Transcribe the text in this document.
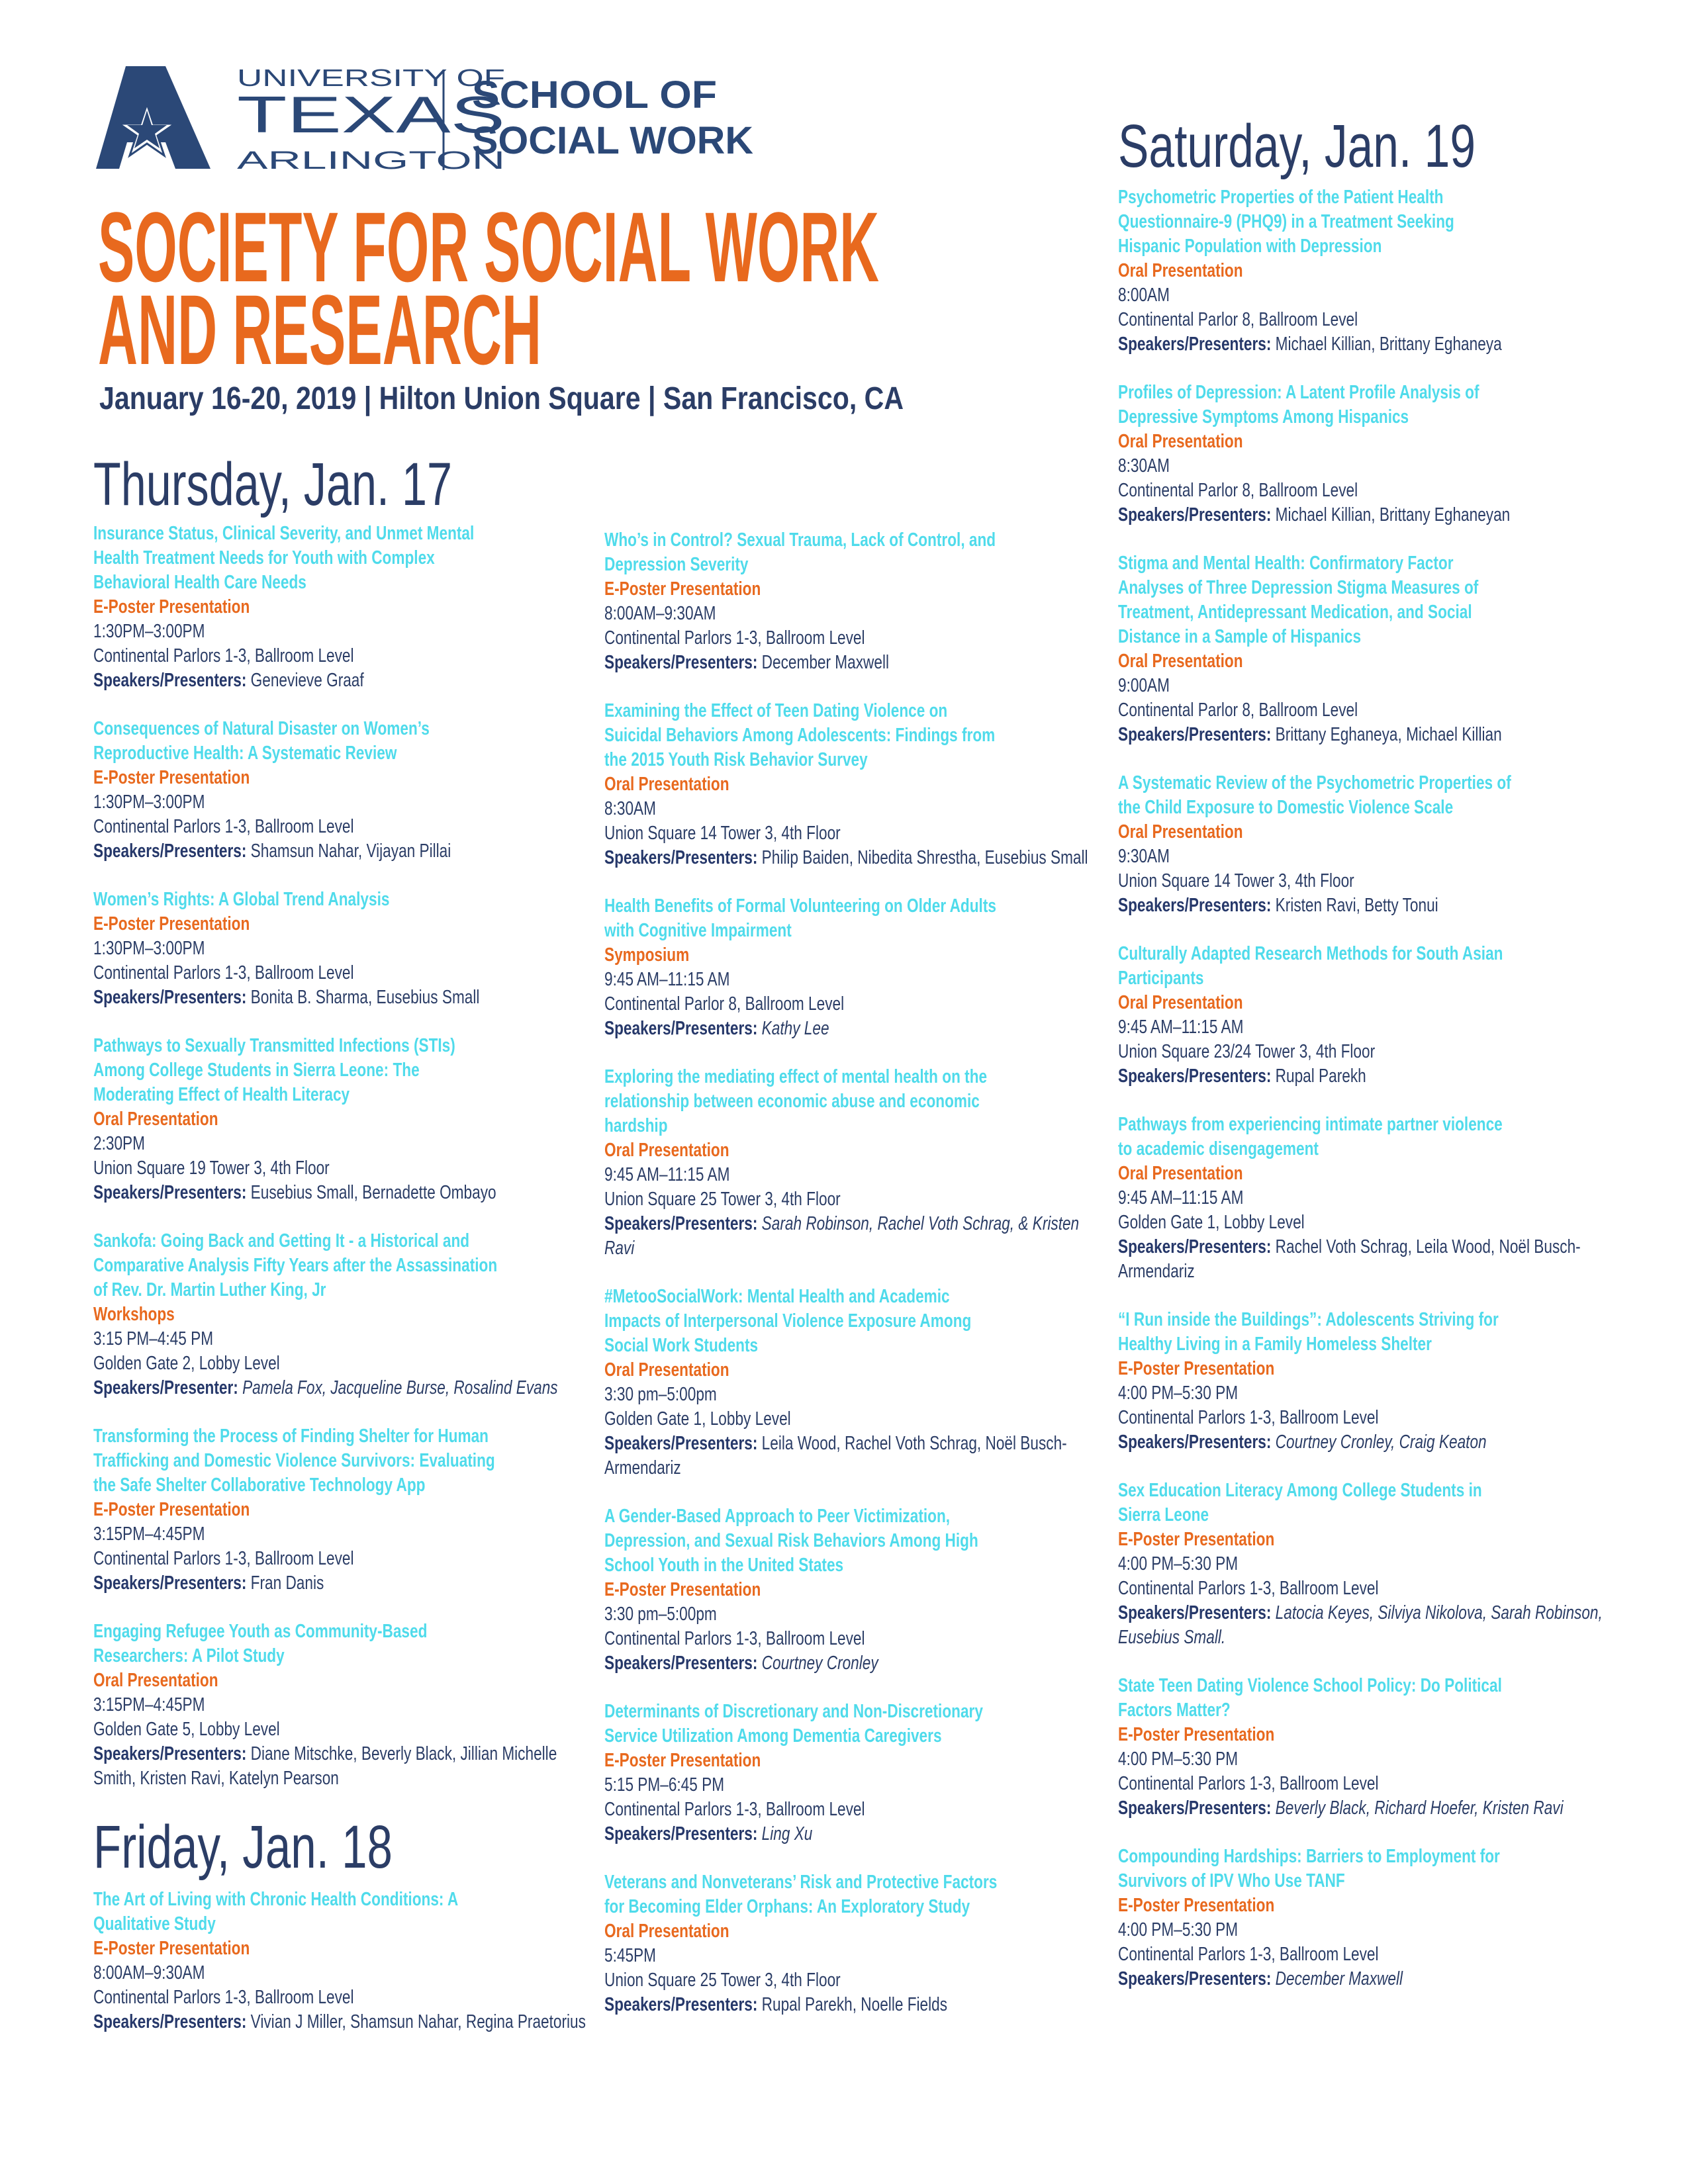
UNIVERSITY OF
TEXAS
ARLINGTON
SCHOOL OF
SOCIAL WORK
SOCIETY FOR SOCIAL WORK
AND RESEARCH
January 16-20, 2019 | Hilton Union Square | San Francisco, CA
Thursday, Jan. 17
Insurance Status, Clinical Severity, and Unmet Mental
Health Treatment Needs for Youth with Complex
Behavioral Health Care Needs
E-Poster Presentation
1:30PM–3:00PM
Continental Parlors 1-3, Ballroom Level
Speakers/Presenters: Genevieve Graaf
Consequences of Natural Disaster on Women’s
Reproductive Health: A Systematic Review
E-Poster Presentation
1:30PM–3:00PM
Continental Parlors 1-3, Ballroom Level
Speakers/Presenters: Shamsun Nahar, Vijayan Pillai
Women’s Rights: A Global Trend Analysis
E-Poster Presentation
1:30PM–3:00PM
Continental Parlors 1-3, Ballroom Level
Speakers/Presenters: Bonita B. Sharma, Eusebius Small
Pathways to Sexually Transmitted Infections (STIs)
Among College Students in Sierra Leone: The
Moderating Effect of Health Literacy
Oral Presentation
2:30PM
Union Square 19 Tower 3, 4th Floor
Speakers/Presenters: Eusebius Small, Bernadette Ombayo
Sankofa: Going Back and Getting It - a Historical and
Comparative Analysis Fifty Years after the Assassination
of Rev. Dr. Martin Luther King, Jr
Workshops
3:15 PM–4:45 PM
Golden Gate 2, Lobby Level
Speakers/Presenter: Pamela Fox, Jacqueline Burse, Rosalind Evans
Transforming the Process of Finding Shelter for Human
Trafficking and Domestic Violence Survivors: Evaluating
the Safe Shelter Collaborative Technology App
E-Poster Presentation
3:15PM–4:45PM
Continental Parlors 1-3, Ballroom Level
Speakers/Presenters: Fran Danis
Engaging Refugee Youth as Community-Based
Researchers: A Pilot Study
Oral Presentation
3:15PM–4:45PM
Golden Gate 5, Lobby Level
Speakers/Presenters: Diane Mitschke, Beverly Black, Jillian Michelle Smith, Kristen Ravi, Katelyn Pearson
Friday, Jan. 18
The Art of Living with Chronic Health Conditions: A
Qualitative Study
E-Poster Presentation
8:00AM–9:30AM
Continental Parlors 1-3, Ballroom Level
Speakers/Presenters: Vivian J Miller, Shamsun Nahar, Regina Praetorius
Who’s in Control? Sexual Trauma, Lack of Control, and
Depression Severity
E-Poster Presentation
8:00AM–9:30AM
Continental Parlors 1-3, Ballroom Level
Speakers/Presenters: December Maxwell
Examining the Effect of Teen Dating Violence on
Suicidal Behaviors Among Adolescents: Findings from
the 2015 Youth Risk Behavior Survey
Oral Presentation
8:30AM
Union Square 14 Tower 3, 4th Floor
Speakers/Presenters: Philip Baiden, Nibedita Shrestha, Eusebius Small
Health Benefits of Formal Volunteering on Older Adults
with Cognitive Impairment
Symposium
9:45 AM–11:15 AM
Continental Parlor 8, Ballroom Level
Speakers/Presenters: Kathy Lee
Exploring the mediating effect of mental health on the
relationship between economic abuse and economic
hardship
Oral Presentation
9:45 AM–11:15 AM
Union Square 25 Tower 3, 4th Floor
Speakers/Presenters: Sarah Robinson, Rachel Voth Schrag, & Kristen Ravi
#MetooSocialWork: Mental Health and Academic
Impacts of Interpersonal Violence Exposure Among
Social Work Students
Oral Presentation
3:30 pm–5:00pm
Golden Gate 1, Lobby Level
Speakers/Presenters: Leila Wood, Rachel Voth Schrag, Noël Busch-Armendariz
A Gender-Based Approach to Peer Victimization,
Depression, and Sexual Risk Behaviors Among High
School Youth in the United States
E-Poster Presentation
3:30 pm–5:00pm
Continental Parlors 1-3, Ballroom Level
Speakers/Presenters: Courtney Cronley
Determinants of Discretionary and Non-Discretionary
Service Utilization Among Dementia Caregivers
E-Poster Presentation
5:15 PM–6:45 PM
Continental Parlors 1-3, Ballroom Level
Speakers/Presenters: Ling Xu
Veterans and Nonveterans’ Risk and Protective Factors
for Becoming Elder Orphans: An Exploratory Study
Oral Presentation
5:45PM
Union Square 25 Tower 3, 4th Floor
Speakers/Presenters: Rupal Parekh, Noelle Fields
Saturday, Jan. 19
Psychometric Properties of the Patient Health
Questionnaire-9 (PHQ9) in a Treatment Seeking
Hispanic Population with Depression
Oral Presentation
8:00AM
Continental Parlor 8, Ballroom Level
Speakers/Presenters: Michael Killian, Brittany Eghaneya
Profiles of Depression: A Latent Profile Analysis of
Depressive Symptoms Among Hispanics
Oral Presentation
8:30AM
Continental Parlor 8, Ballroom Level
Speakers/Presenters: Michael Killian, Brittany Eghaneyan
Stigma and Mental Health: Confirmatory Factor
Analyses of Three Depression Stigma Measures of
Treatment, Antidepressant Medication, and Social
Distance in a Sample of Hispanics
Oral Presentation
9:00AM
Continental Parlor 8, Ballroom Level
Speakers/Presenters: Brittany Eghaneya, Michael Killian
A Systematic Review of the Psychometric Properties of
the Child Exposure to Domestic Violence Scale
Oral Presentation
9:30AM
Union Square 14 Tower 3, 4th Floor
Speakers/Presenters: Kristen Ravi, Betty Tonui
Culturally Adapted Research Methods for South Asian
Participants
Oral Presentation
9:45 AM–11:15 AM
Union Square 23/24 Tower 3, 4th Floor
Speakers/Presenters: Rupal Parekh
Pathways from experiencing intimate partner violence
to academic disengagement
Oral Presentation
9:45 AM–11:15 AM
Golden Gate 1, Lobby Level
Speakers/Presenters: Rachel Voth Schrag, Leila Wood, Noël Busch-Armendariz
“I Run inside the Buildings”: Adolescents Striving for
Healthy Living in a Family Homeless Shelter
E-Poster Presentation
4:00 PM–5:30 PM
Continental Parlors 1-3, Ballroom Level
Speakers/Presenters: Courtney Cronley, Craig Keaton
Sex Education Literacy Among College Students in
Sierra Leone
E-Poster Presentation
4:00 PM–5:30 PM
Continental Parlors 1-3, Ballroom Level
Speakers/Presenters: Latocia Keyes, Silviya Nikolova, Sarah Robinson, Eusebius Small.
State Teen Dating Violence School Policy: Do Political
Factors Matter?
E-Poster Presentation
4:00 PM–5:30 PM
Continental Parlors 1-3, Ballroom Level
Speakers/Presenters: Beverly Black, Richard Hoefer, Kristen Ravi
Compounding Hardships: Barriers to Employment for
Survivors of IPV Who Use TANF
E-Poster Presentation
4:00 PM–5:30 PM
Continental Parlors 1-3, Ballroom Level
Speakers/Presenters: December Maxwell
